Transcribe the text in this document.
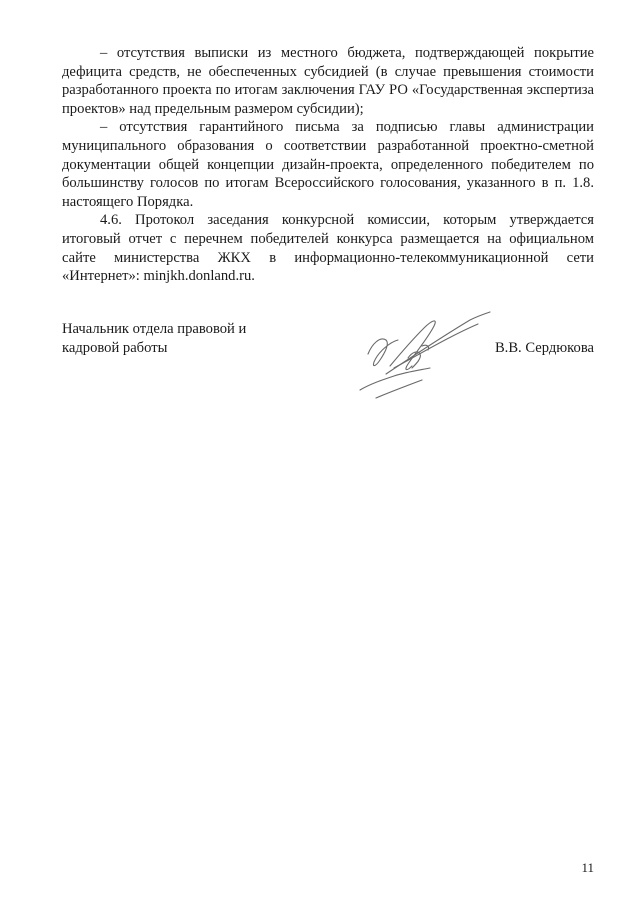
– отсутствия выписки из местного бюджета, подтверждающей покрытие дефицита средств, не обеспеченных субсидией (в случае превышения стоимости разработанного проекта по итогам заключения ГАУ РО «Государственная экспертиза проектов» над предельным размером субсидии);

– отсутствия гарантийного письма за подписью главы администрации муниципального образования о соответствии разработанной проектно-сметной документации общей концепции дизайн-проекта, определенного победителем по большинству голосов по итогам Всероссийского голосования, указанного в п. 1.8. настоящего Порядка.

4.6. Протокол заседания конкурсной комиссии, которым утверждается итоговый отчет с перечнем победителей конкурса размещается на официальном сайте министерства ЖКХ в информационно-телекоммуникационной сети «Интернет»: minjkh.donland.ru.

Начальник отдела правовой и
кадровой работы	В.В. Сердюкова
11
